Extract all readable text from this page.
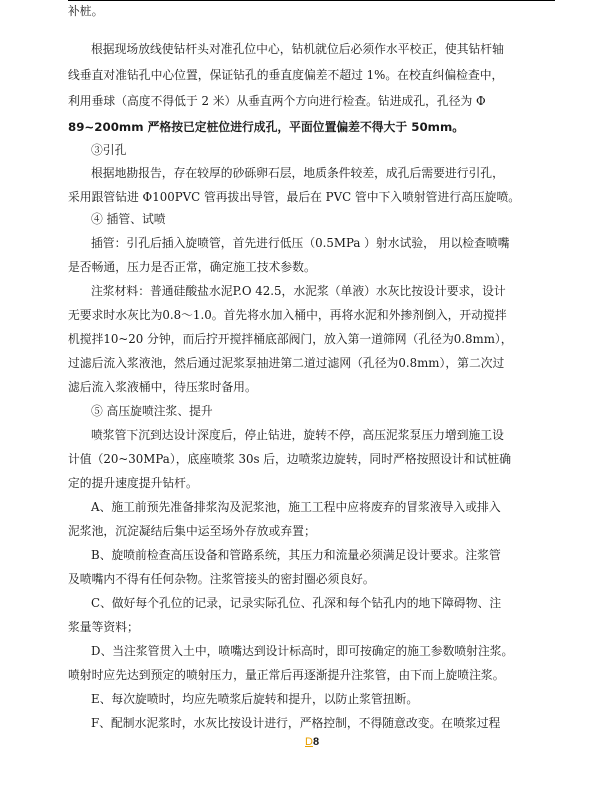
补桩。
根据现场放线使钻杆头对准孔位中心，钻机就位后必须作水平校正，使其钻杆轴
线垂直对准钻孔中心位置，保证钻孔的垂直度偏差不超过 1%。在校直纠偏检查中，
利用垂球（高度不得低于 2 米）从垂直两个方向进行检查。钻进成孔，孔径为 Φ
89~200mm 严格按已定桩位进行成孔，平面位置偏差不得大于 50mm。
③引孔
根据地勘报告，存在较厚的砂砾卵石层，地质条件较差，成孔后需要进行引孔，
采用跟管钻进 Φ100PVC 管再拔出导管，最后在 PVC 管中下入喷射管进行高压旋喷。
④ 插管、试喷
插管：引孔后插入旋喷管，首先进行低压（0.5MPa ）射水试验， 用以检查喷嘴
是否畅通，压力是否正常，确定施工技术参数。
注浆材料：普通硅酸盐水泥P.O 42.5，水泥浆（单液）水灰比按设计要求，设计
无要求时水灰比为0.8～1.0。首先将水加入桶中，再将水泥和外掺剂倒入，开动搅拌
机搅拌10~20 分钟，而后拧开搅拌桶底部阀门，放入第一道筛网（孔径为0.8mm），
过滤后流入浆液池，然后通过泥浆泵抽进第二道过滤网（孔径为0.8mm），第二次过
滤后流入浆液桶中，待压浆时备用。
⑤ 高压旋喷注浆、提升
喷浆管下沉到达设计深度后，停止钻进，旋转不停，高压泥浆泵压力增到施工设
计值（20~30MPa），底座喷浆 30s 后，边喷浆边旋转，同时严格按照设计和试桩确
定的提升速度提升钻杆。
A、施工前预先准备排浆沟及泥浆池，施工工程中应将废弃的冒浆液导入或排入
泥浆池，沉淀凝结后集中运至场外存放或弃置；
B、旋喷前检查高压设备和管路系统，其压力和流量必须满足设计要求。注浆管
及喷嘴内不得有任何杂物。注浆管接头的密封圈必须良好。
C、做好每个孔位的记录，记录实际孔位、孔深和每个钻孔内的地下障碍物、注
浆量等资料；
D、当注浆管贯入土中，喷嘴达到设计标高时，即可按确定的施工参数喷射注浆。
喷射时应先达到预定的喷射压力，量正常后再逐渐提升注浆管，由下而上旋喷注浆。
E、每次旋喷时，均应先喷浆后旋转和提升，以防止浆管扭断。
F、配制水泥浆时，水灰比按设计进行，严格控制，不得随意改变。在喷浆过程
D8
